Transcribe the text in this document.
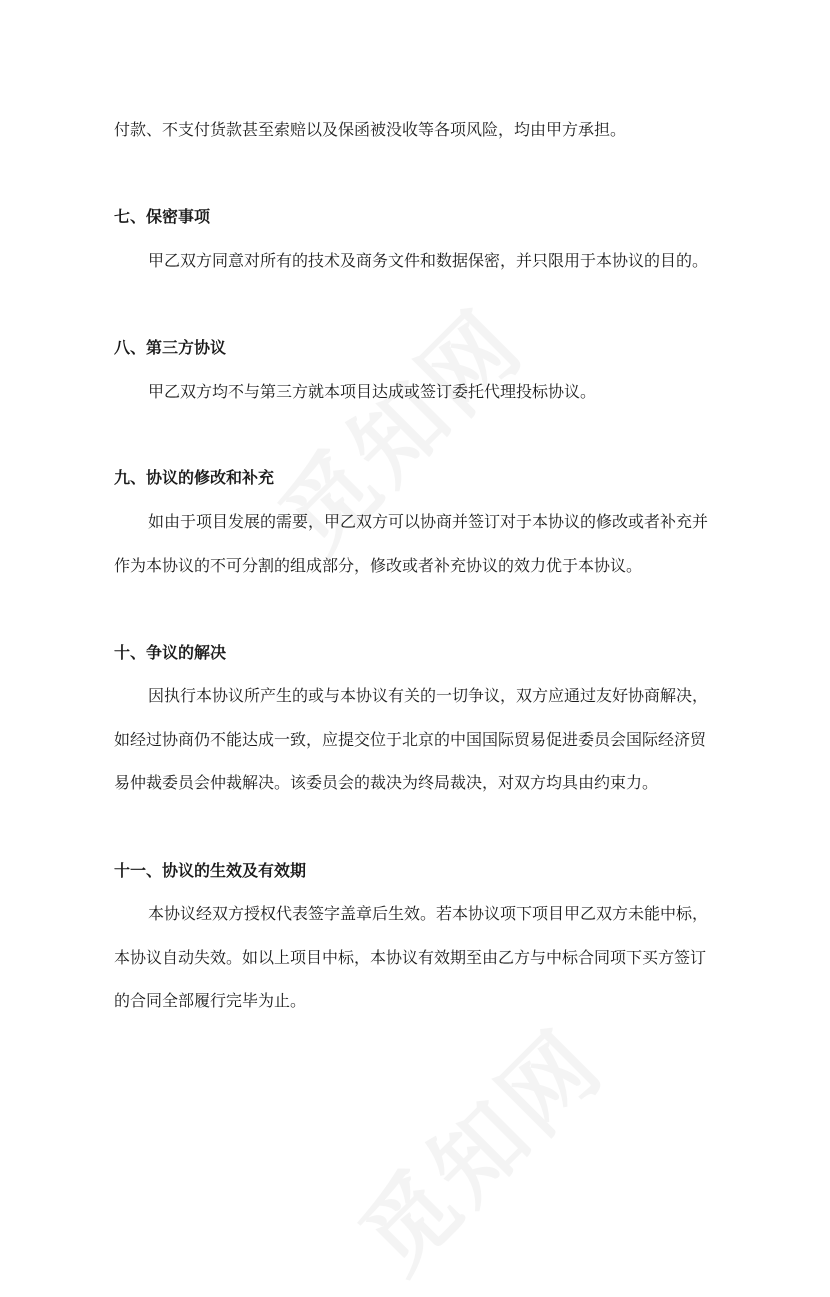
付款、不支付货款甚至索赔以及保函被没收等各项风险，均由甲方承担。
七、保密事项
甲乙双方同意对所有的技术及商务文件和数据保密，并只限用于本协议的目的。
八、第三方协议
甲乙双方均不与第三方就本项目达成或签订委托代理投标协议。
九、协议的修改和补充
如由于项目发展的需要，甲乙双方可以协商并签订对于本协议的修改或者补充并
作为本协议的不可分割的组成部分，修改或者补充协议的效力优于本协议。
十、争议的解决
因执行本协议所产生的或与本协议有关的一切争议，双方应通过友好协商解决，
如经过协商仍不能达成一致，应提交位于北京的中国国际贸易促进委员会国际经济贸
易仲裁委员会仲裁解决。该委员会的裁决为终局裁决，对双方均具由约束力。
十一、协议的生效及有效期
本协议经双方授权代表签字盖章后生效。若本协议项下项目甲乙双方未能中标，
本协议自动失效。如以上项目中标，本协议有效期至由乙方与中标合同项下买方签订
的合同全部履行完毕为止。
